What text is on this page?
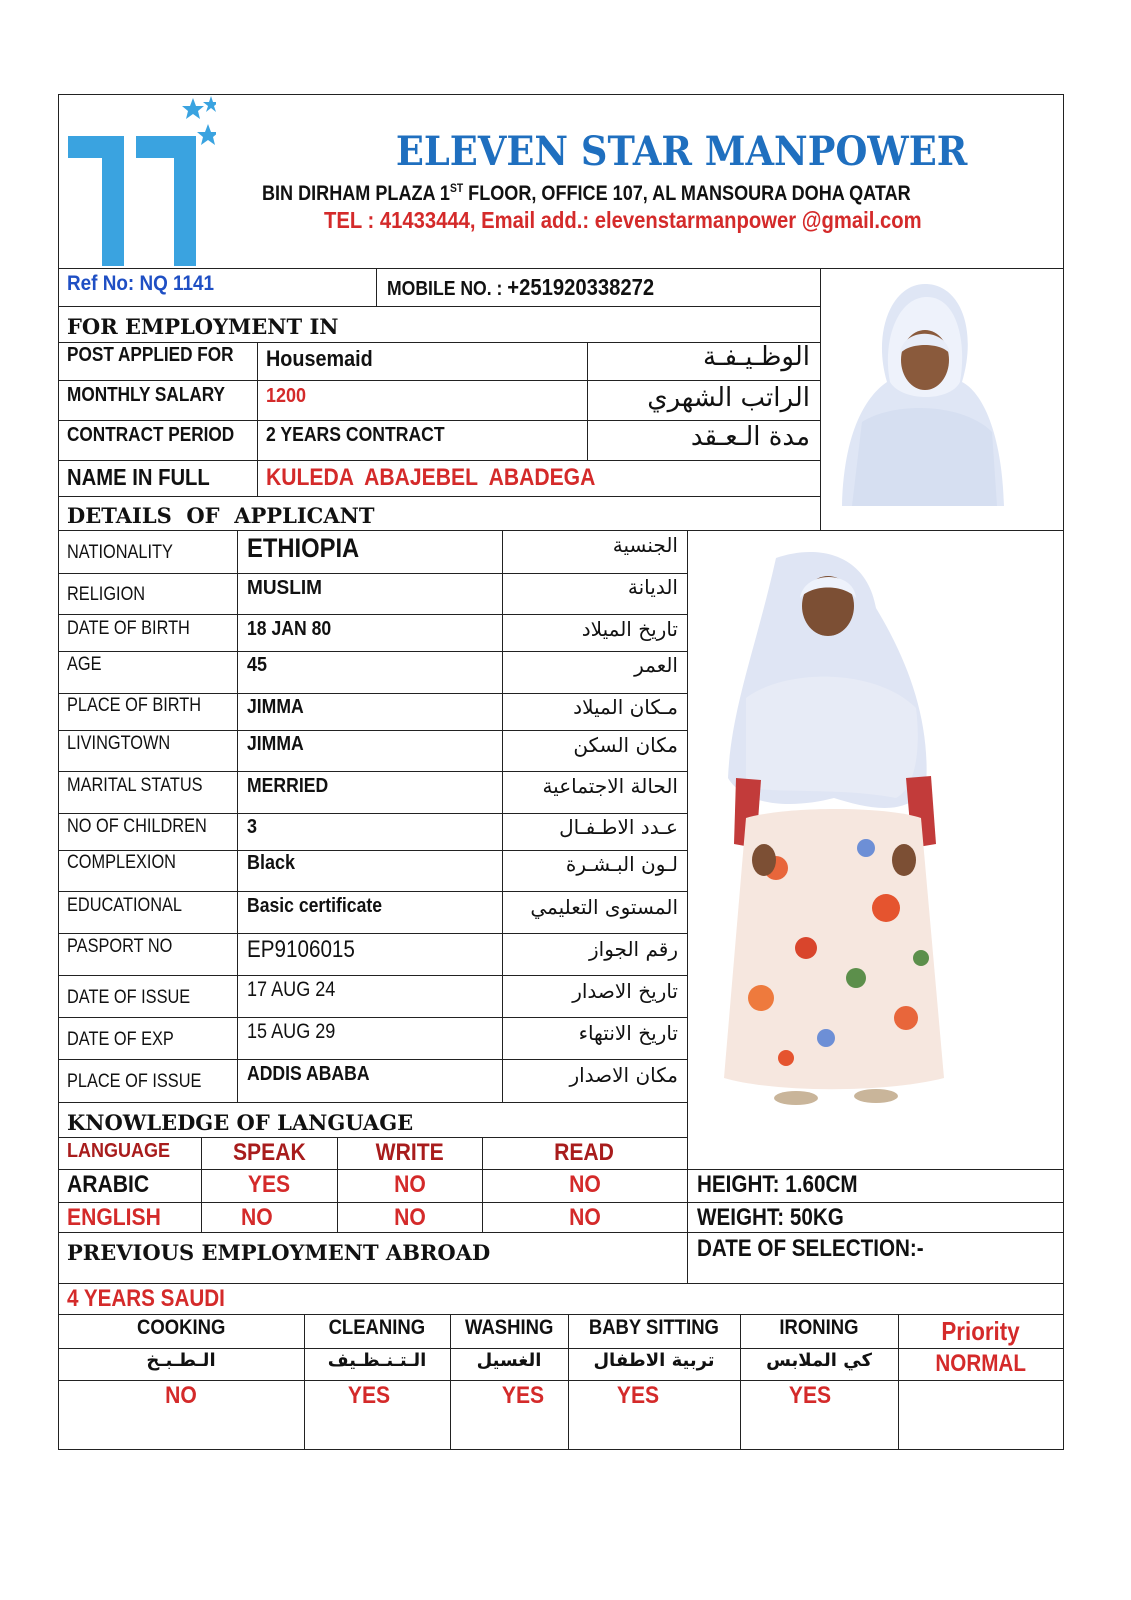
ELEVEN STAR MANPOWER
BIN DIRHAM PLAZA 1ST FLOOR, OFFICE 107, AL MANSOURA DOHA QATAR
TEL : 41433444, Email add.: elevenstarmanpower @gmail.com
Ref No: NQ 1141	MOBILE NO. : +251920338272
FOR EMPLOYMENT IN
POST APPLIED FOR	Housemaid	الوظـيـفـة
MONTHLY SALARY	1200	الراتب الشهري
CONTRACT PERIOD	2 YEARS CONTRACT	مدة الـعـقد
NAME IN FULL	KULEDA  ABAJEBEL  ABADEGA
DETAILS  OF  APPLICANT
NATIONALITY	ETHIOPIA	الجنسية
RELIGION	MUSLIM	الديانة
DATE OF BIRTH	18 JAN 80	تاريخ الميلاد
AGE	45	العمر
PLACE OF BIRTH	JIMMA	مـكان الميلاد
LIVINGTOWN	JIMMA	مكان السكن
MARITAL STATUS	MERRIED	الحالة الاجتماعية
NO OF CHILDREN	3	عـدد الاطـفـال
COMPLEXION	Black	لـون البـشـرة
EDUCATIONAL	Basic certificate	المستوى التعليمي
PASPORT NO	EP9106015	رقم الجواز
DATE OF ISSUE	17 AUG 24	تاريخ الاصدار
DATE OF EXP	15 AUG 29	تاريخ الانتهاء
PLACE OF ISSUE	ADDIS ABABA	مكان الاصدار
KNOWLEDGE OF LANGUAGE
LANGUAGE	SPEAK	WRITE	READ
ARABIC	YES	NO	NO	HEIGHT: 1.60CM
ENGLISH	NO	NO	NO	WEIGHT: 50KG
PREVIOUS EMPLOYMENT ABROAD	DATE OF SELECTION:-
4 YEARS SAUDI
COOKING	CLEANING	WASHING	BABY SITTING	IRONING	Priority
الـطـبـخ	الـتـنـظـيف	الغسيل	تربية الاطفال	كي الملابس	NORMAL
NO	YES	YES	YES	YES
